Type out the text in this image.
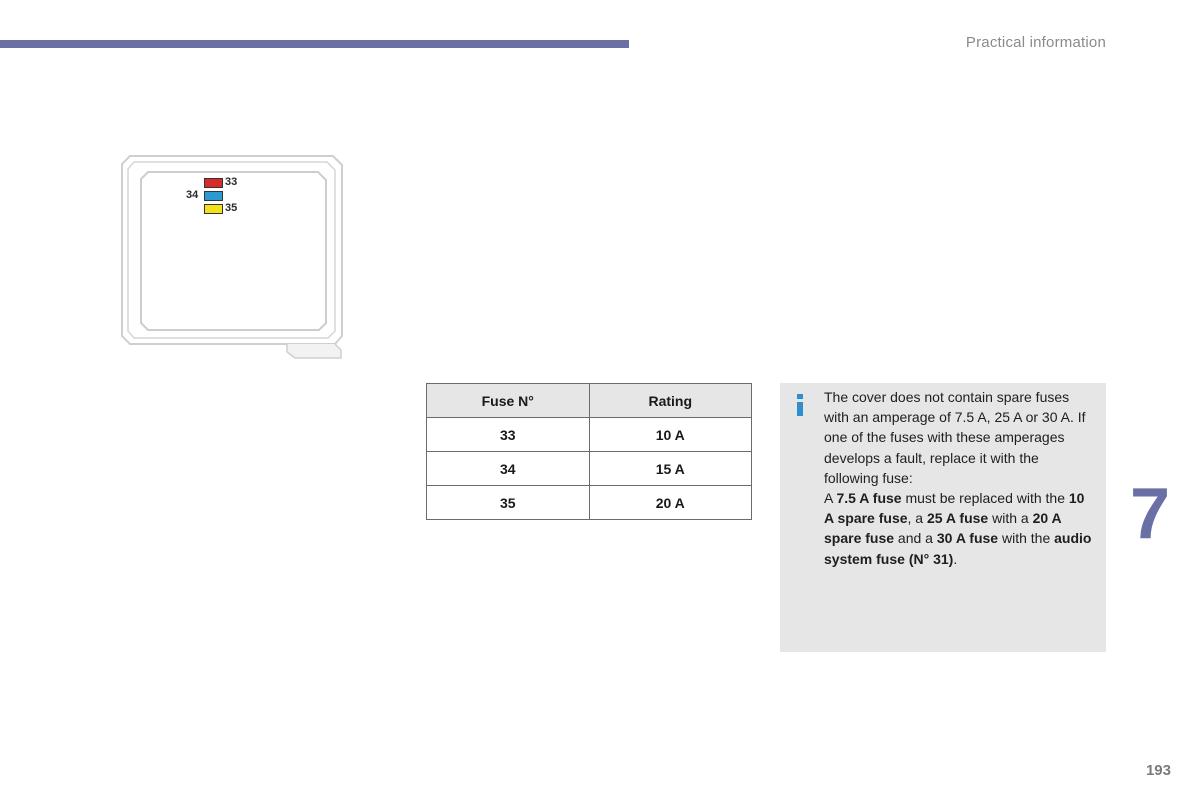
Practical information
33
34
35
Fuse N°	Rating
33	10 A
34	15 A
35	20 A
The cover does not contain spare fuses with an amperage of 7.5 A, 25 A or 30 A. If one of the fuses with these amperages develops a fault, replace it with the following fuse:
A 7.5 A fuse must be replaced with the 10 A spare fuse, a 25 A fuse with a 20 A spare fuse and a 30 A fuse with the audio system fuse (N° 31).
7
193
